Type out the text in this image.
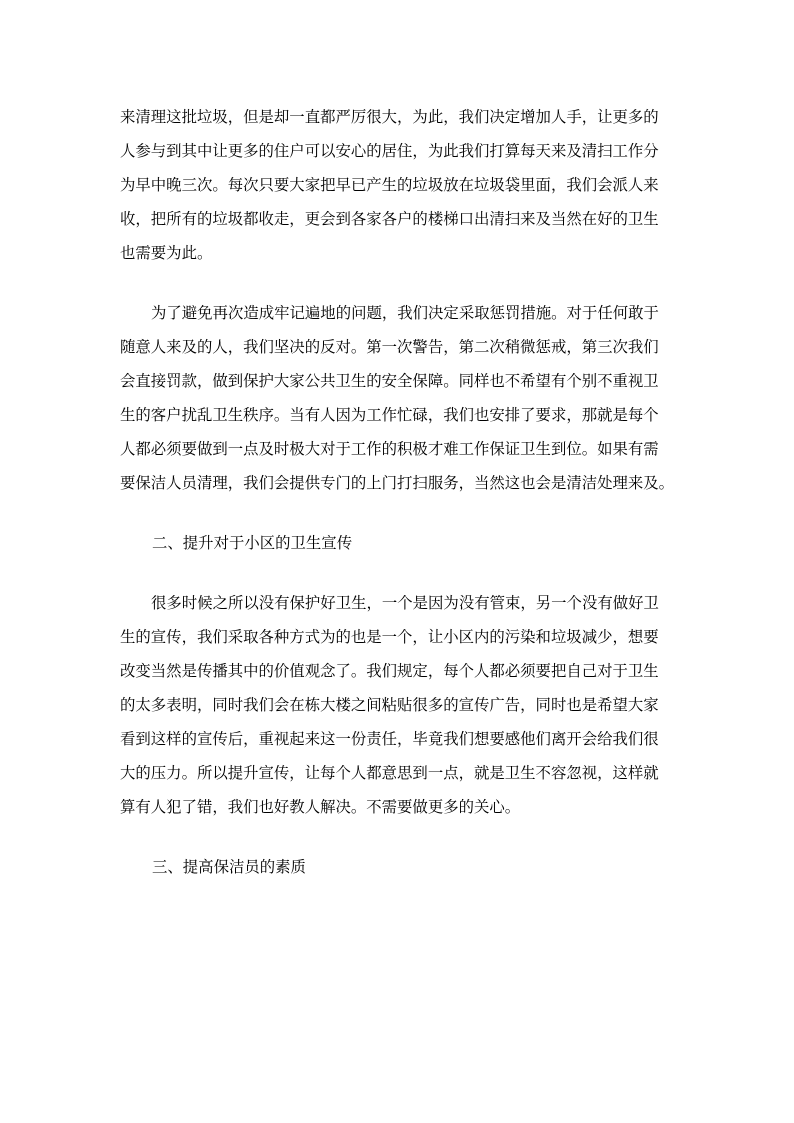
来清理这批垃圾，但是却一直都严厉很大，为此，我们决定增加人手，让更多的
人参与到其中让更多的住户可以安心的居住，为此我们打算每天来及清扫工作分
为早中晚三次。每次只要大家把早已产生的垃圾放在垃圾袋里面，我们会派人来
收，把所有的垃圾都收走，更会到各家各户的楼梯口出清扫来及当然在好的卫生
也需要为此。

为了避免再次造成牢记遍地的问题，我们决定采取惩罚措施。对于任何敢于
随意人来及的人，我们坚决的反对。第一次警告，第二次稍微惩戒，第三次我们
会直接罚款，做到保护大家公共卫生的安全保障。同样也不希望有个别不重视卫
生的客户扰乱卫生秩序。当有人因为工作忙碌，我们也安排了要求，那就是每个
人都必须要做到一点及时极大对于工作的积极才难工作保证卫生到位。如果有需
要保洁人员清理，我们会提供专门的上门打扫服务，当然这也会是清洁处理来及。

二、提升对于小区的卫生宣传

很多时候之所以没有保护好卫生，一个是因为没有管束，另一个没有做好卫
生的宣传，我们采取各种方式为的也是一个，让小区内的污染和垃圾减少，想要
改变当然是传播其中的价值观念了。我们规定，每个人都必须要把自己对于卫生
的太多表明，同时我们会在栋大楼之间粘贴很多的宣传广告，同时也是希望大家
看到这样的宣传后，重视起来这一份责任，毕竟我们想要感他们离开会给我们很
大的压力。所以提升宣传，让每个人都意思到一点，就是卫生不容忽视，这样就
算有人犯了错，我们也好教人解决。不需要做更多的关心。

三、提高保洁员的素质
